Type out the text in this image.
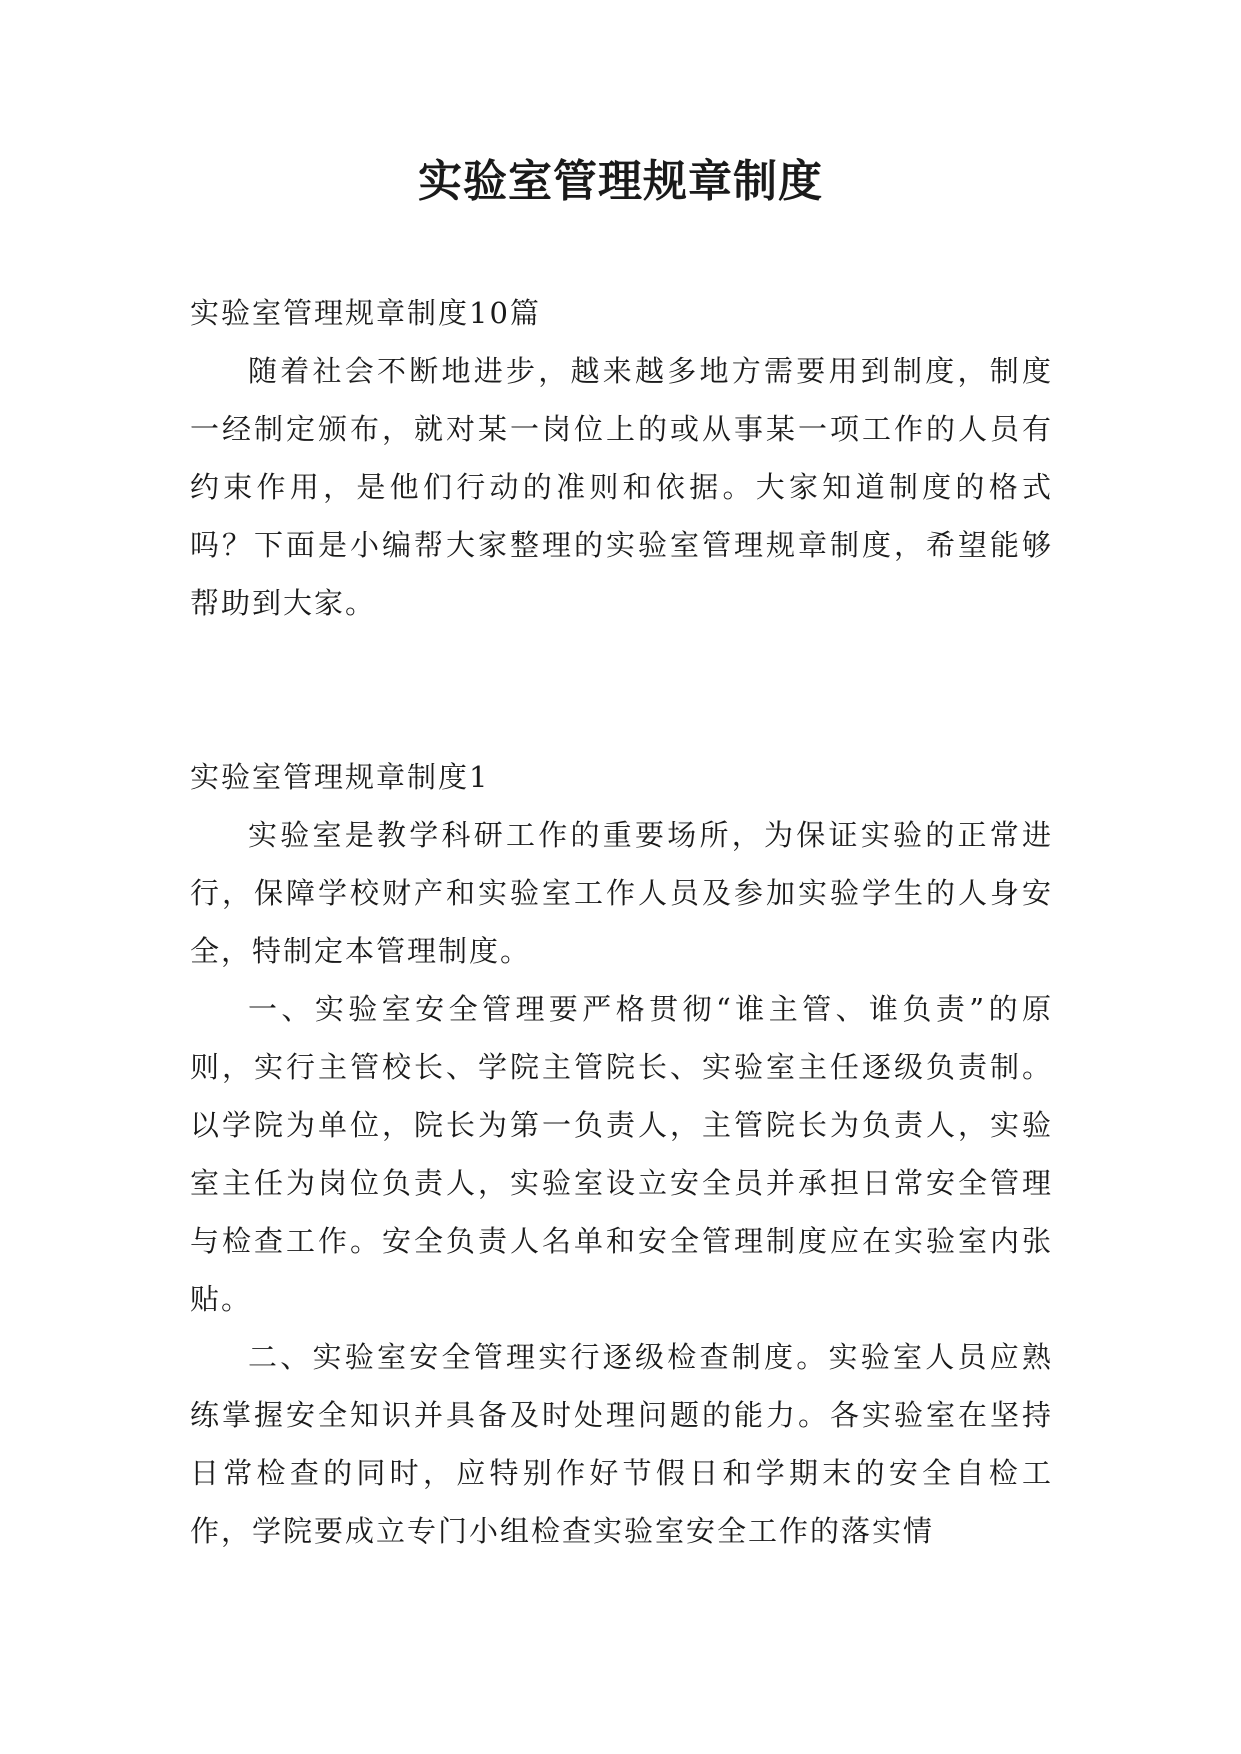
实验室管理规章制度

实验室管理规章制度10篇

随着社会不断地进步，越来越多地方需要用到制度，制度一经制定颁布，就对某一岗位上的或从事某一项工作的人员有约束作用，是他们行动的准则和依据。大家知道制度的格式吗？下面是小编帮大家整理的实验室管理规章制度，希望能够帮助到大家。

实验室管理规章制度1

实验室是教学科研工作的重要场所，为保证实验的正常进行，保障学校财产和实验室工作人员及参加实验学生的人身安全，特制定本管理制度。

一、实验室安全管理要严格贯彻“谁主管、谁负责”的原则，实行主管校长、学院主管院长、实验室主任逐级负责制。以学院为单位，院长为第一负责人，主管院长为负责人，实验室主任为岗位负责人，实验室设立安全员并承担日常安全管理与检查工作。安全负责人名单和安全管理制度应在实验室内张贴。

二、实验室安全管理实行逐级检查制度。实验室人员应熟练掌握安全知识并具备及时处理问题的能力。各实验室在坚持日常检查的同时，应特别作好节假日和学期末的安全自检工作，学院要成立专门小组检查实验室安全工作的落实情
